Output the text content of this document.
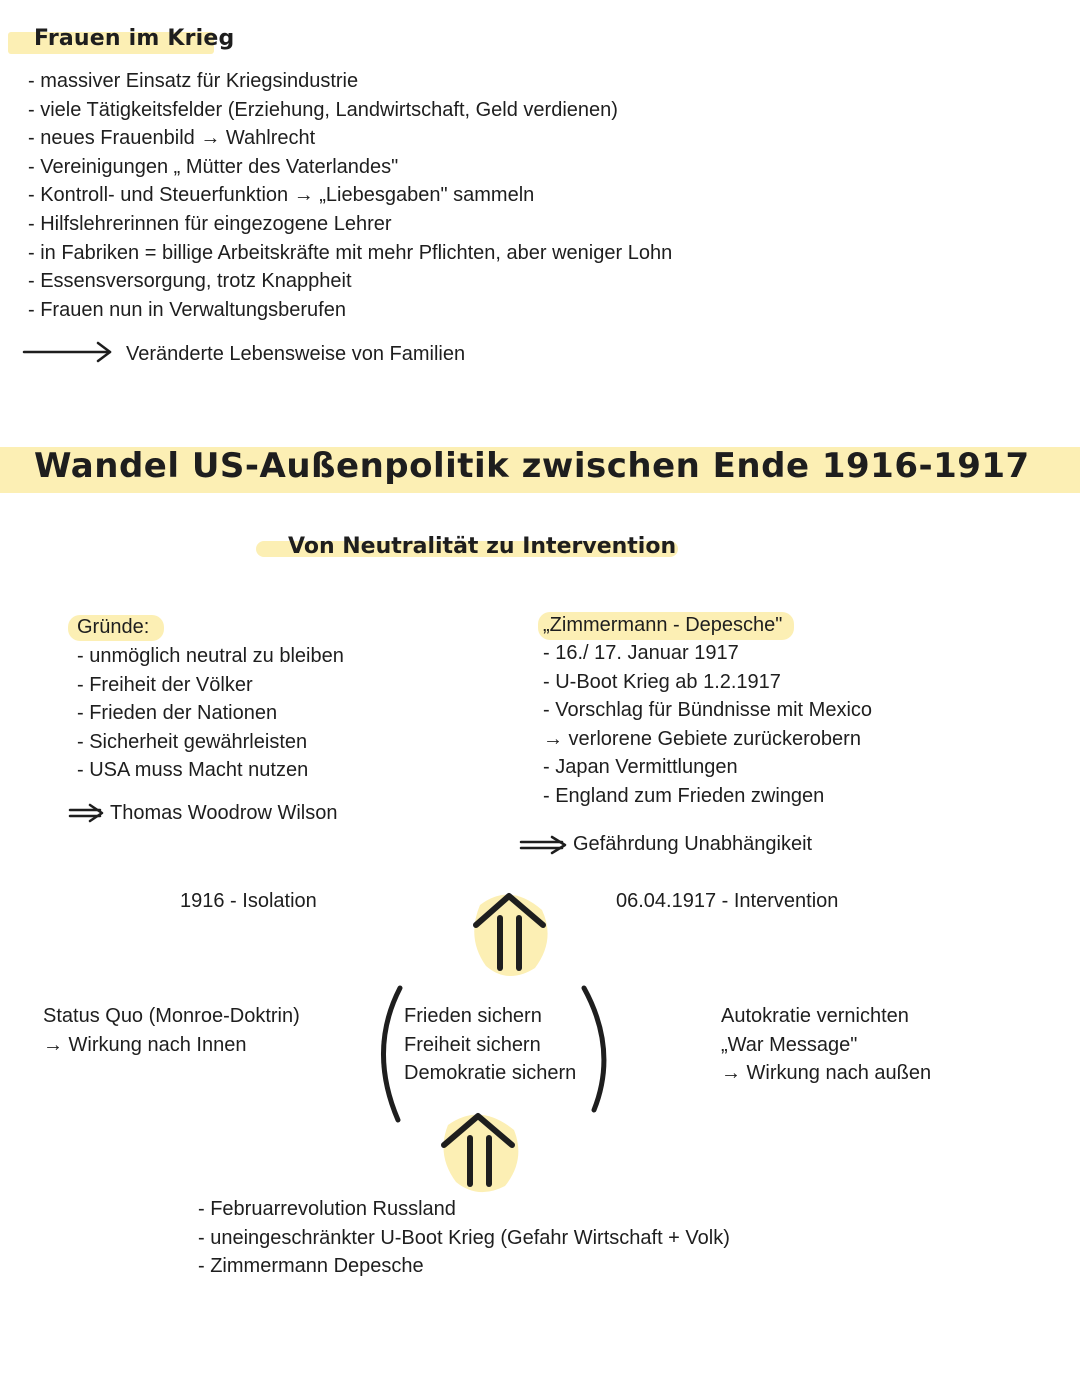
Frauen im Krieg
- massiver Einsatz für Kriegsindustrie
- viele Tätigkeitsfelder (Erziehung, Landwirtschaft, Geld verdienen)
- neues Frauenbild → Wahlrecht
- Vereinigungen „ Mütter des Vaterlandes"
- Kontroll- und Steuerfunktion → „Liebesgaben" sammeln
- Hilfslehrerinnen für eingezogene Lehrer
- in Fabriken = billige Arbeitskräfte mit mehr Pflichten, aber weniger Lohn
- Essensversorgung, trotz Knappheit
- Frauen nun in Verwaltungsberufen
Veränderte Lebensweise von Familien
Wandel US-Außenpolitik zwischen Ende 1916-1917
Von Neutralität zu Intervention
Gründe:
- unmöglich neutral zu bleiben
- Freiheit der Völker
- Frieden der Nationen
- Sicherheit gewährleisten
- USA muss Macht nutzen
Thomas Woodrow Wilson
„Zimmermann - Depesche"
- 16./ 17. Januar 1917
- U-Boot Krieg ab 1.2.1917
- Vorschlag für Bündnisse mit Mexico
→ verlorene Gebiete zurückerobern
- Japan Vermittlungen
- England zum Frieden zwingen
Gefährdung Unabhängikeit
1916 - Isolation	06.04.1917 - Intervention
Status Quo (Monroe-Doktrin)
→ Wirkung nach Innen
Frieden sichern
Freiheit sichern
Demokratie sichern
Autokratie vernichten
„War Message"
→ Wirkung nach außen
- Februarrevolution Russland
- uneingeschränkter U-Boot Krieg (Gefahr Wirtschaft + Volk)
- Zimmermann Depesche
